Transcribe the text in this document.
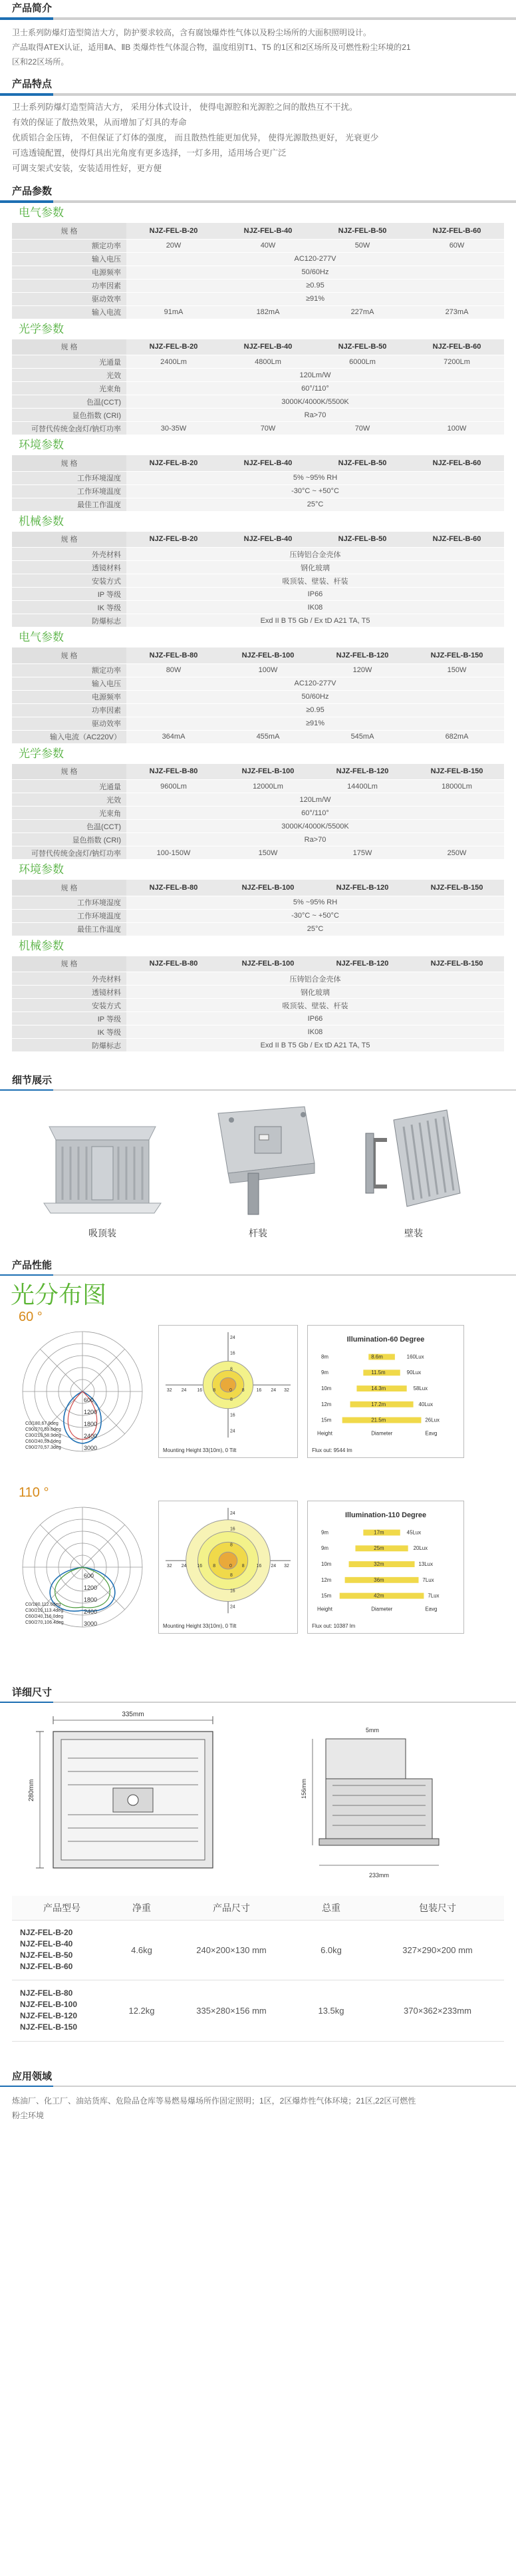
产品简介
卫士系列防爆灯造型简洁大方，防护要求较高，含有腐蚀爆炸性气体以及粉尘场所的大面积照明设计。
产品取得ATEX认证，适用ⅡA、ⅡB 类爆炸性气体混合物，温度组别T1、T5 的1区和2区场所及可燃性粉尘环境的21
区和22区场所。
产品特点
卫士系列防爆灯造型简洁大方， 采用分体式设计， 使得电源腔和光源腔之间的散热互不干扰。
有效的保证了散热效果，从而增加了灯具的寿命
优质铝合金压铸， 不但保证了灯体的强度， 而且散热性能更加优异， 使得光源散热更好， 光衰更少
可选透镜配置，使得灯具出光角度有更多选择，一灯多用，适用场合更广泛
可调支架式安装，安装适用性好，更方便
产品参数
电气参数
规 格	NJZ-FEL-B-20	NJZ-FEL-B-40	NJZ-FEL-B-50	NJZ-FEL-B-60
额定功率	20W	40W	50W	60W
输入电压	AC120-277V			
电源频率	50/60Hz			
功率因素	≥0.95			
驱动效率	≥91%			
输入电流	91mA	182mA	227mA	273mA
光学参数
规 格	NJZ-FEL-B-20	NJZ-FEL-B-40	NJZ-FEL-B-50	NJZ-FEL-B-60
光通量	2400Lm	4800Lm	6000Lm	7200Lm
光效	120Lm/W			
光束角	60°/110°			
色温(CCT)	3000K/4000K/5500K			
显色指数 (CRI)	Ra>70			
可替代传统金卤灯/钠灯功率	30-35W	70W	70W	100W
环境参数
规 格	NJZ-FEL-B-20	NJZ-FEL-B-40	NJZ-FEL-B-50	NJZ-FEL-B-60
工作环境湿度	5% ~95% RH			
工作环境温度	-30°C ~ +50°C			
最佳工作温度	25°C			
机械参数
规 格	NJZ-FEL-B-20	NJZ-FEL-B-40	NJZ-FEL-B-50	NJZ-FEL-B-60
外壳材料	压铸铝合金壳体			
透镜材料	钢化玻璃			
安装方式	吸顶装、壁装、杆装			
IP 等级	IP66			
IK 等级	IK08			
防爆标志	Exd II B T5 Gb / Ex tD A21 TA, T5			
电气参数
规 格	NJZ-FEL-B-80	NJZ-FEL-B-100	NJZ-FEL-B-120	NJZ-FEL-B-150
额定功率	80W	100W	120W	150W
输入电压	AC120-277V			
电源频率	50/60Hz			
功率因素	≥0.95			
驱动效率	≥91%			
输入电流（AC220V）	364mA	455mA	545mA	682mA
光学参数
规 格	NJZ-FEL-B-80	NJZ-FEL-B-100	NJZ-FEL-B-120	NJZ-FEL-B-150
光通量	9600Lm	12000Lm	14400Lm	18000Lm
光效	120Lm/W			
光束角	60°/110°			
色温(CCT)	3000K/4000K/5500K			
显色指数 (CRI)	Ra>70			
可替代传统金卤灯/钠灯功率	100-150W	150W	175W	250W
环境参数
规 格	NJZ-FEL-B-80	NJZ-FEL-B-100	NJZ-FEL-B-120	NJZ-FEL-B-150
工作环境湿度	5% ~95% RH			
工作环境温度	-30°C ~ +50°C			
最佳工作温度	25°C			
机械参数
规 格	NJZ-FEL-B-80	NJZ-FEL-B-100	NJZ-FEL-B-120	NJZ-FEL-B-150
外壳材料	压铸铝合金壳体			
透镜材料	钢化玻璃			
安装方式	吸顶装、壁装、杆装			
IP 等级	IP66			
IK 等级	IK08			
防爆标志	Exd II B T5 Gb / Ex tD A21 TA, T5			
细节展示
吸顶装	杆装	壁装
产品性能
光分布图
60 °
600
1200
1800
2400
3000
C0/180,67.8deg
C90/270,59.6deg
C30/210,58.9deg
C60/240,59.6deg
C90/270,57.3deg
32 24 16 8	0 8	16 24 32
24
16
8
8
16
24
Mounting Height 33(10m), 0 Tilt
Illumination-60 Degree
8m	8.6m	160Lux
9m	11.5m	90Lux
10m	14.3m	58Lux
12m	17.2m	40Lux
15m	21.5m	26Lux
Height	Diameter	Eavg
Flux out: 9544 lm
110 °
600
1200
1800
2400
3000
C0/180,112.0deg
C30/210,113.4deg
C60/240,116.0deg
C90/270,106.4deg
32 24 16 8	0 8	16 24 32
24
16
8
8
16
24
Mounting Height 33(10m), 0 Tilt
Illumination-110 Degree
9m	17m	45Lux
9m	25m	20Lux
10m	32m	13Lux
12m	36m	7Lux
15m	42m	7Lux
Height	Diameter	Eavg
Flux out: 10387 lm
详细尺寸
335mm
280mm
5mm
156mm
233mm
产品型号	净重	产品尺寸	总重	包装尺寸

NJZ-FEL-B-20
NJZ-FEL-B-40
NJZ-FEL-B-50
NJZ-FEL-B-60	4.6kg	240×200×130 mm	6.0kg	327×290×200 mm

NJZ-FEL-B-80
NJZ-FEL-B-100
NJZ-FEL-B-120
NJZ-FEL-B-150	12.2kg	335×280×156 mm	13.5kg	370×362×233mm
应用领域
炼油厂、化工厂、油站货库、危险品仓库等易燃易爆场所作固定照明；1区，2区爆炸性气体环境；21区,22区可燃性
粉尘环境
